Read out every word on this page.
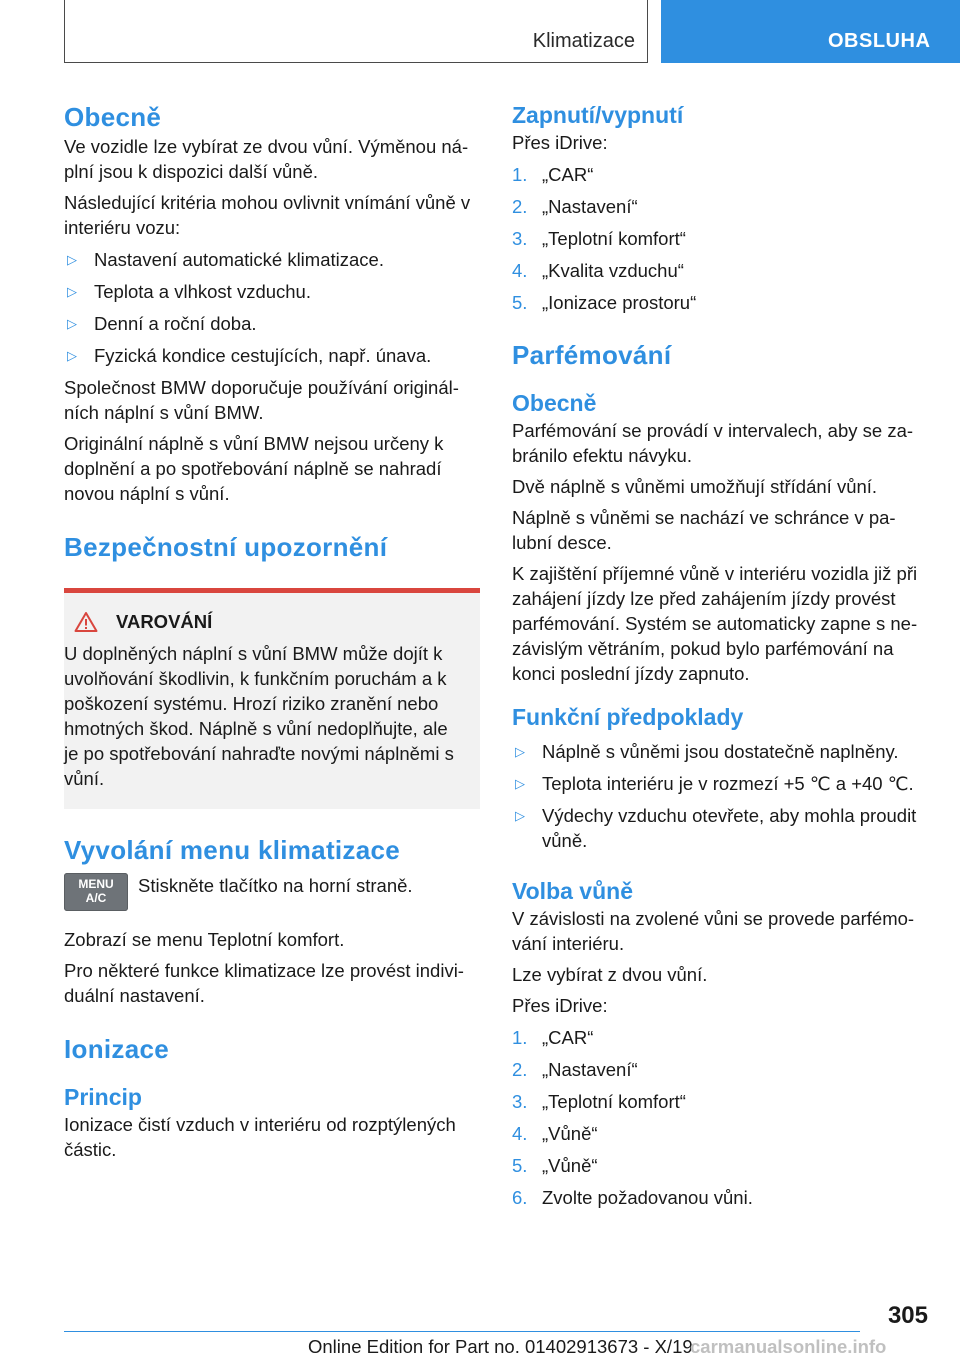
Klimatizace	OBSLUHA
Obecně

Ve vozidle lze vybírat ze dvou vůní. Výměnou ná‐ plní jsou k dispozici další vůně.

Následující kritéria mohou ovlivnit vnímání vůně v interiéru vozu:

▷ Nastavení automatické klimatizace.
▷ Teplota a vlhkost vzduchu.
▷ Denní a roční doba.
▷ Fyzická kondice cestujících, např. únava.

Společnost BMW doporučuje používání originál‐ ních náplní s vůní BMW.

Originální náplně s vůní BMW nejsou určeny k doplnění a po spotřebování náplně se nahradí novou náplní s vůní.

Bezpečnostní upozornění
VAROVÁNÍ
U doplněných náplní s vůní BMW může dojít k uvolňování škodlivin, k funkčním poruchám a k poškození systému. Hrozí riziko zranění nebo hmotných škod. Náplně s vůní nedoplňujte, ale je po spotřebování nahraďte novými náplněmi s vůní.
Vyvolání menu klimatizace
MENU
A/C

Stiskněte tlačítko na horní straně.

Zobrazí se menu Teplotní komfort.

Pro některé funkce klimatizace lze provést indivi‐ duální nastavení.

Ionizace
Princip

Ionizace čistí vzduch v interiéru od rozptýlených částic.

Zapnutí/vypnutí

Přes iDrive:

1. „CAR“
2. „Nastavení“
3. „Teplotní komfort“
4. „Kvalita vzduchu“
5. „Ionizace prostoru“
Parfémování
Obecně

Parfémování se provádí v intervalech, aby se za‐ bránilo efektu návyku.

Dvě náplně s vůněmi umožňují střídání vůní.

Náplně s vůněmi se nachází ve schránce v pa‐ lubní desce.

K zajištění příjemné vůně v interiéru vozidla již při zahájení jízdy lze před zahájením jízdy provést parfémování. Systém se automaticky zapne s ne‐ závislým větráním, pokud bylo parfémování na konci poslední jízdy zapnuto.

Funkční předpoklady
▷ Náplně s vůněmi jsou dostatečně naplněny.
▷ Teplota interiéru je v rozmezí +5 ℃ a +40 ℃.
▷ Výdechy vzduchu otevřete, aby mohla proudit vůně.
Volba vůně

V závislosti na zvolené vůni se provede parfémo‐ vání interiéru.

Lze vybírat z dvou vůní.

Přes iDrive:

1. „CAR“
2. „Nastavení“
3. „Teplotní komfort“
4. „Vůně“
5. „Vůně“
6. Zvolte požadovanou vůni.
305
Online Edition for Part no. 01402913673 - X/19
carmanualsonline.info
